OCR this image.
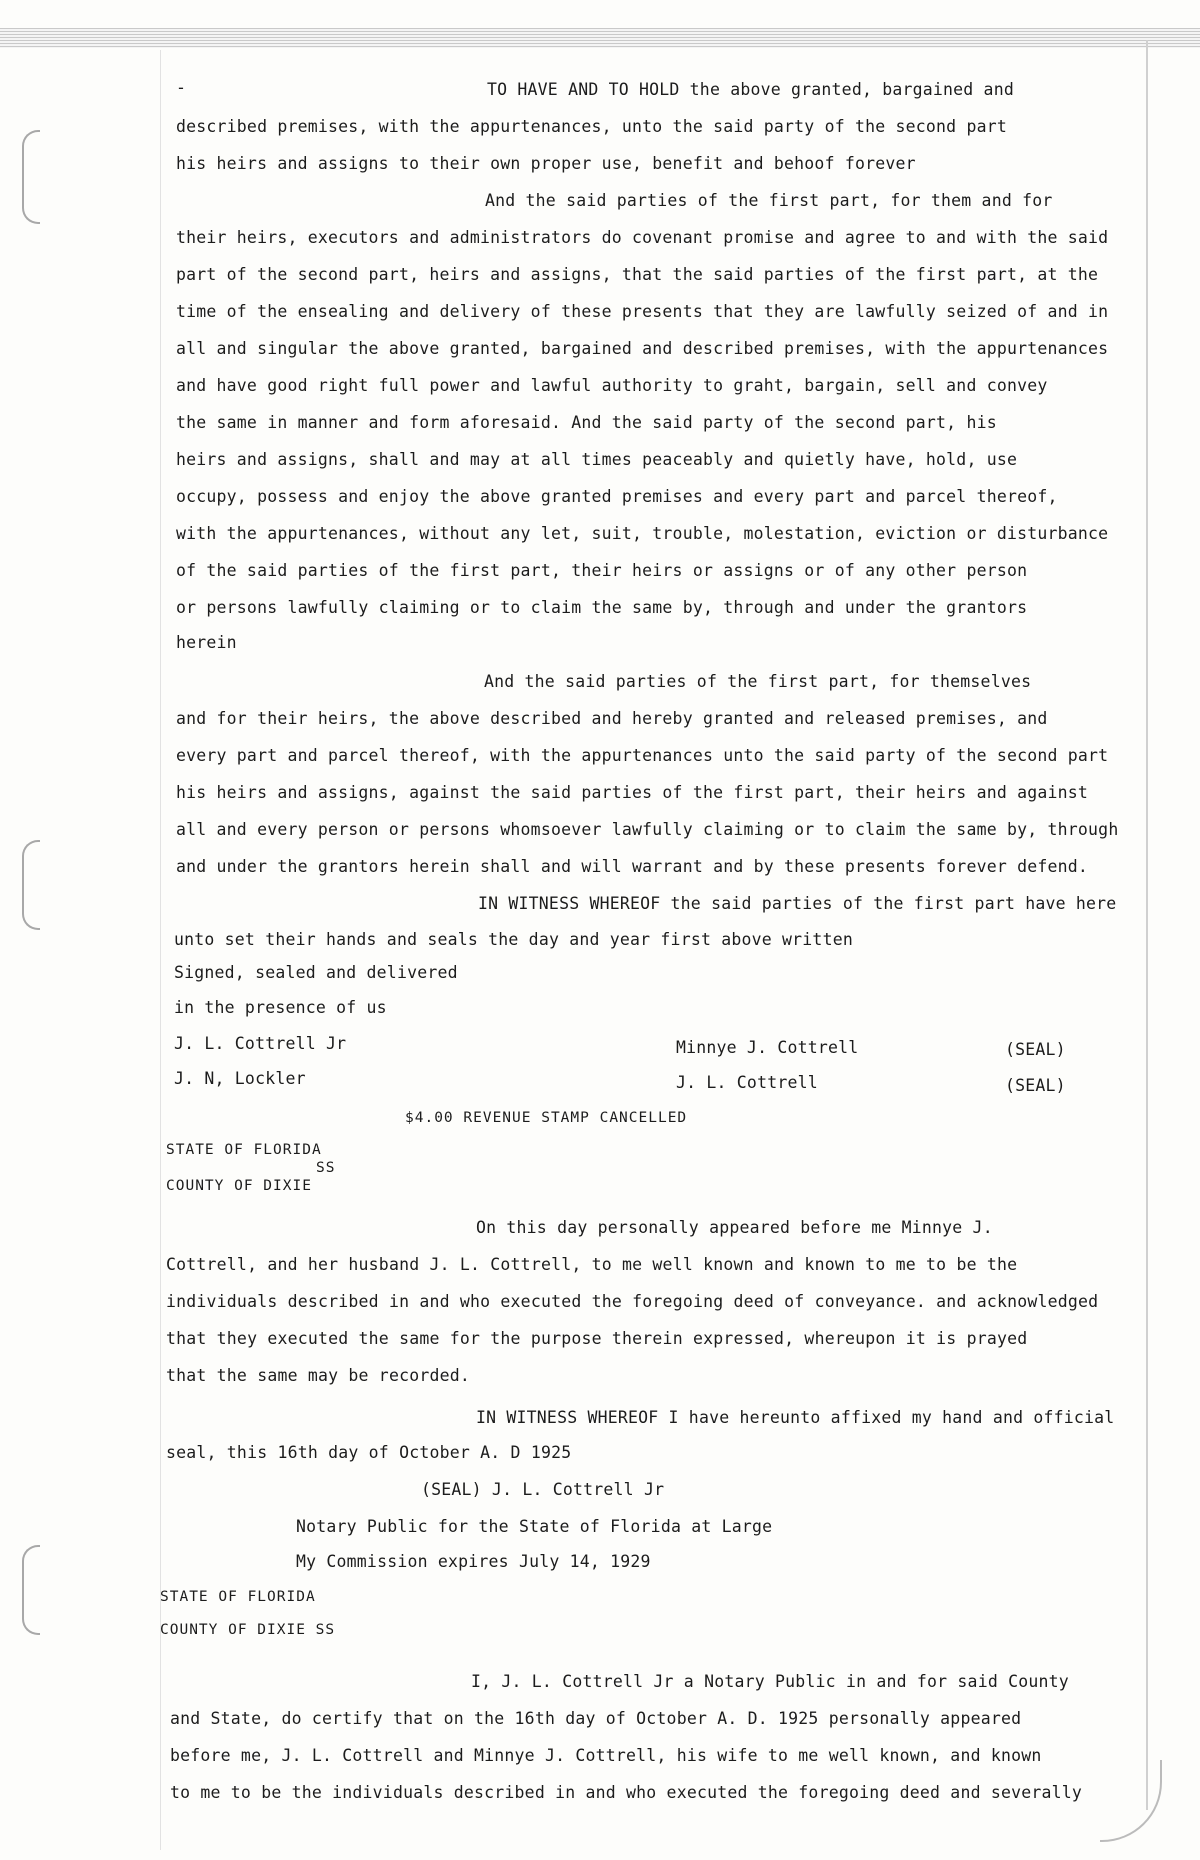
-	TO HAVE AND TO HOLD the above granted, bargained and
described premises, with the appurtenances, unto the said party of the second part
his heirs and assigns to their own proper use, benefit and behoof forever
And the said parties of the first part, for them and for
their heirs, executors and administrators do covenant promise and agree to and with the said
part of the second part, heirs and assigns, that the said parties of the first part, at the
time of the ensealing and delivery of these presents that they are lawfully seized of and in
all and singular the above granted, bargained and described premises, with the appurtenances
and have good right full power and lawful authority to graht, bargain, sell and convey
the same in manner and form aforesaid. And the said party of the second part, his
heirs and assigns, shall and may at all times peaceably and quietly have, hold, use
occupy, possess and enjoy the above granted premises and every part and parcel thereof,
with the appurtenances, without any let, suit, trouble, molestation, eviction or disturbance
of the said parties of the first part, their heirs or assigns or of any other person
or persons lawfully claiming or to claim the same by, through and under the grantors
herein
And the said parties of the first part, for themselves
and for their heirs, the above described and hereby granted and released premises, and
every part and parcel thereof, with the appurtenances unto the said party of the second part
his heirs and assigns, against the said parties of the first part, their heirs and against
all and every person or persons whomsoever lawfully claiming or to claim the same by, through
and under the grantors herein shall and will warrant and by these presents forever defend.
IN WITNESS WHEREOF the said parties of the first part have here
unto set their hands and seals the day and year first above written
Signed, sealed and delivered
in the presence of us
J. L. Cottrell Jr	Minnye J. Cottrell	(SEAL)
J. N, Lockler	J. L. Cottrell	(SEAL)
$4.00 REVENUE STAMP CANCELLED
STATE OF FLORIDA
SS
COUNTY OF DIXIE
On this day personally appeared before me Minnye J.
Cottrell, and her husband J. L. Cottrell, to me well known and known to me to be the
individuals described in and who executed the foregoing deed of conveyance. and acknowledged
that they executed the same for the purpose therein expressed, whereupon it is prayed
that the same may be recorded.
IN WITNESS WHEREOF I have hereunto affixed my hand and official
seal, this 16th day of October A. D 1925
(SEAL) J. L. Cottrell Jr
Notary Public for the State of Florida at Large
My Commission expires July 14, 1929
STATE OF FLORIDA
COUNTY OF DIXIE SS
I, J. L. Cottrell Jr a Notary Public in and for said County
and State, do certify that on the 16th day of October A. D. 1925 personally appeared
before me, J. L. Cottrell and Minnye J. Cottrell, his wife to me well known, and known
to me to be the individuals described in and who executed the foregoing deed and severally
